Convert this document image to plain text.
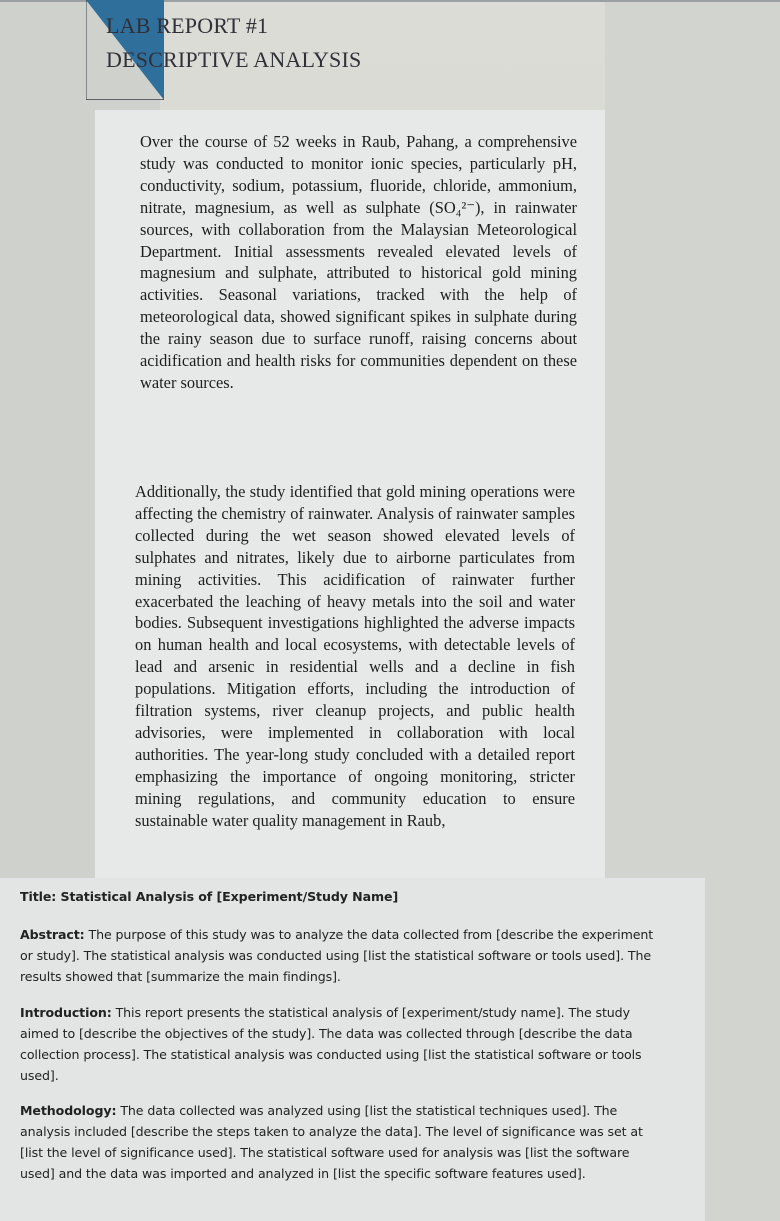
LAB REPORT #1
DESCRIPTIVE ANALYSIS
Over the course of 52 weeks in Raub, Pahang, a comprehensive study was conducted to monitor ionic species, particularly pH, conductivity, sodium, potassium, fluoride, chloride, ammonium, nitrate, magnesium, as well as sulphate (SO₄²⁻), in rainwater sources, with collaboration from the Malaysian Meteorological Department. Initial assessments revealed elevated levels of magnesium and sulphate, attributed to historical gold mining activities. Seasonal variations, tracked with the help of meteorological data, showed significant spikes in sulphate during the rainy season due to surface runoff, raising concerns about acidification and health risks for communities dependent on these water sources.
Additionally, the study identified that gold mining operations were affecting the chemistry of rainwater. Analysis of rainwater samples collected during the wet season showed elevated levels of sulphates and nitrates, likely due to airborne particulates from mining activities. This acidification of rainwater further exacerbated the leaching of heavy metals into the soil and water bodies. Subsequent investigations highlighted the adverse impacts on human health and local ecosystems, with detectable levels of lead and arsenic in residential wells and a decline in fish populations. Mitigation efforts, including the introduction of filtration systems, river cleanup projects, and public health advisories, were implemented in collaboration with local authorities. The year-long study concluded with a detailed report emphasizing the importance of ongoing monitoring, stricter mining regulations, and community education to ensure sustainable water quality management in Raub,
Title: Statistical Analysis of [Experiment/Study Name]
Abstract: The purpose of this study was to analyze the data collected from [describe the experiment or study]. The statistical analysis was conducted using [list the statistical software or tools used]. The results showed that [summarize the main findings].
Introduction: This report presents the statistical analysis of [experiment/study name]. The study aimed to [describe the objectives of the study]. The data was collected through [describe the data collection process]. The statistical analysis was conducted using [list the statistical software or tools used].
Methodology: The data collected was analyzed using [list the statistical techniques used]. The analysis included [describe the steps taken to analyze the data]. The level of significance was set at [list the level of significance used]. The statistical software used for analysis was [list the software used] and the data was imported and analyzed in [list the specific software features used].
